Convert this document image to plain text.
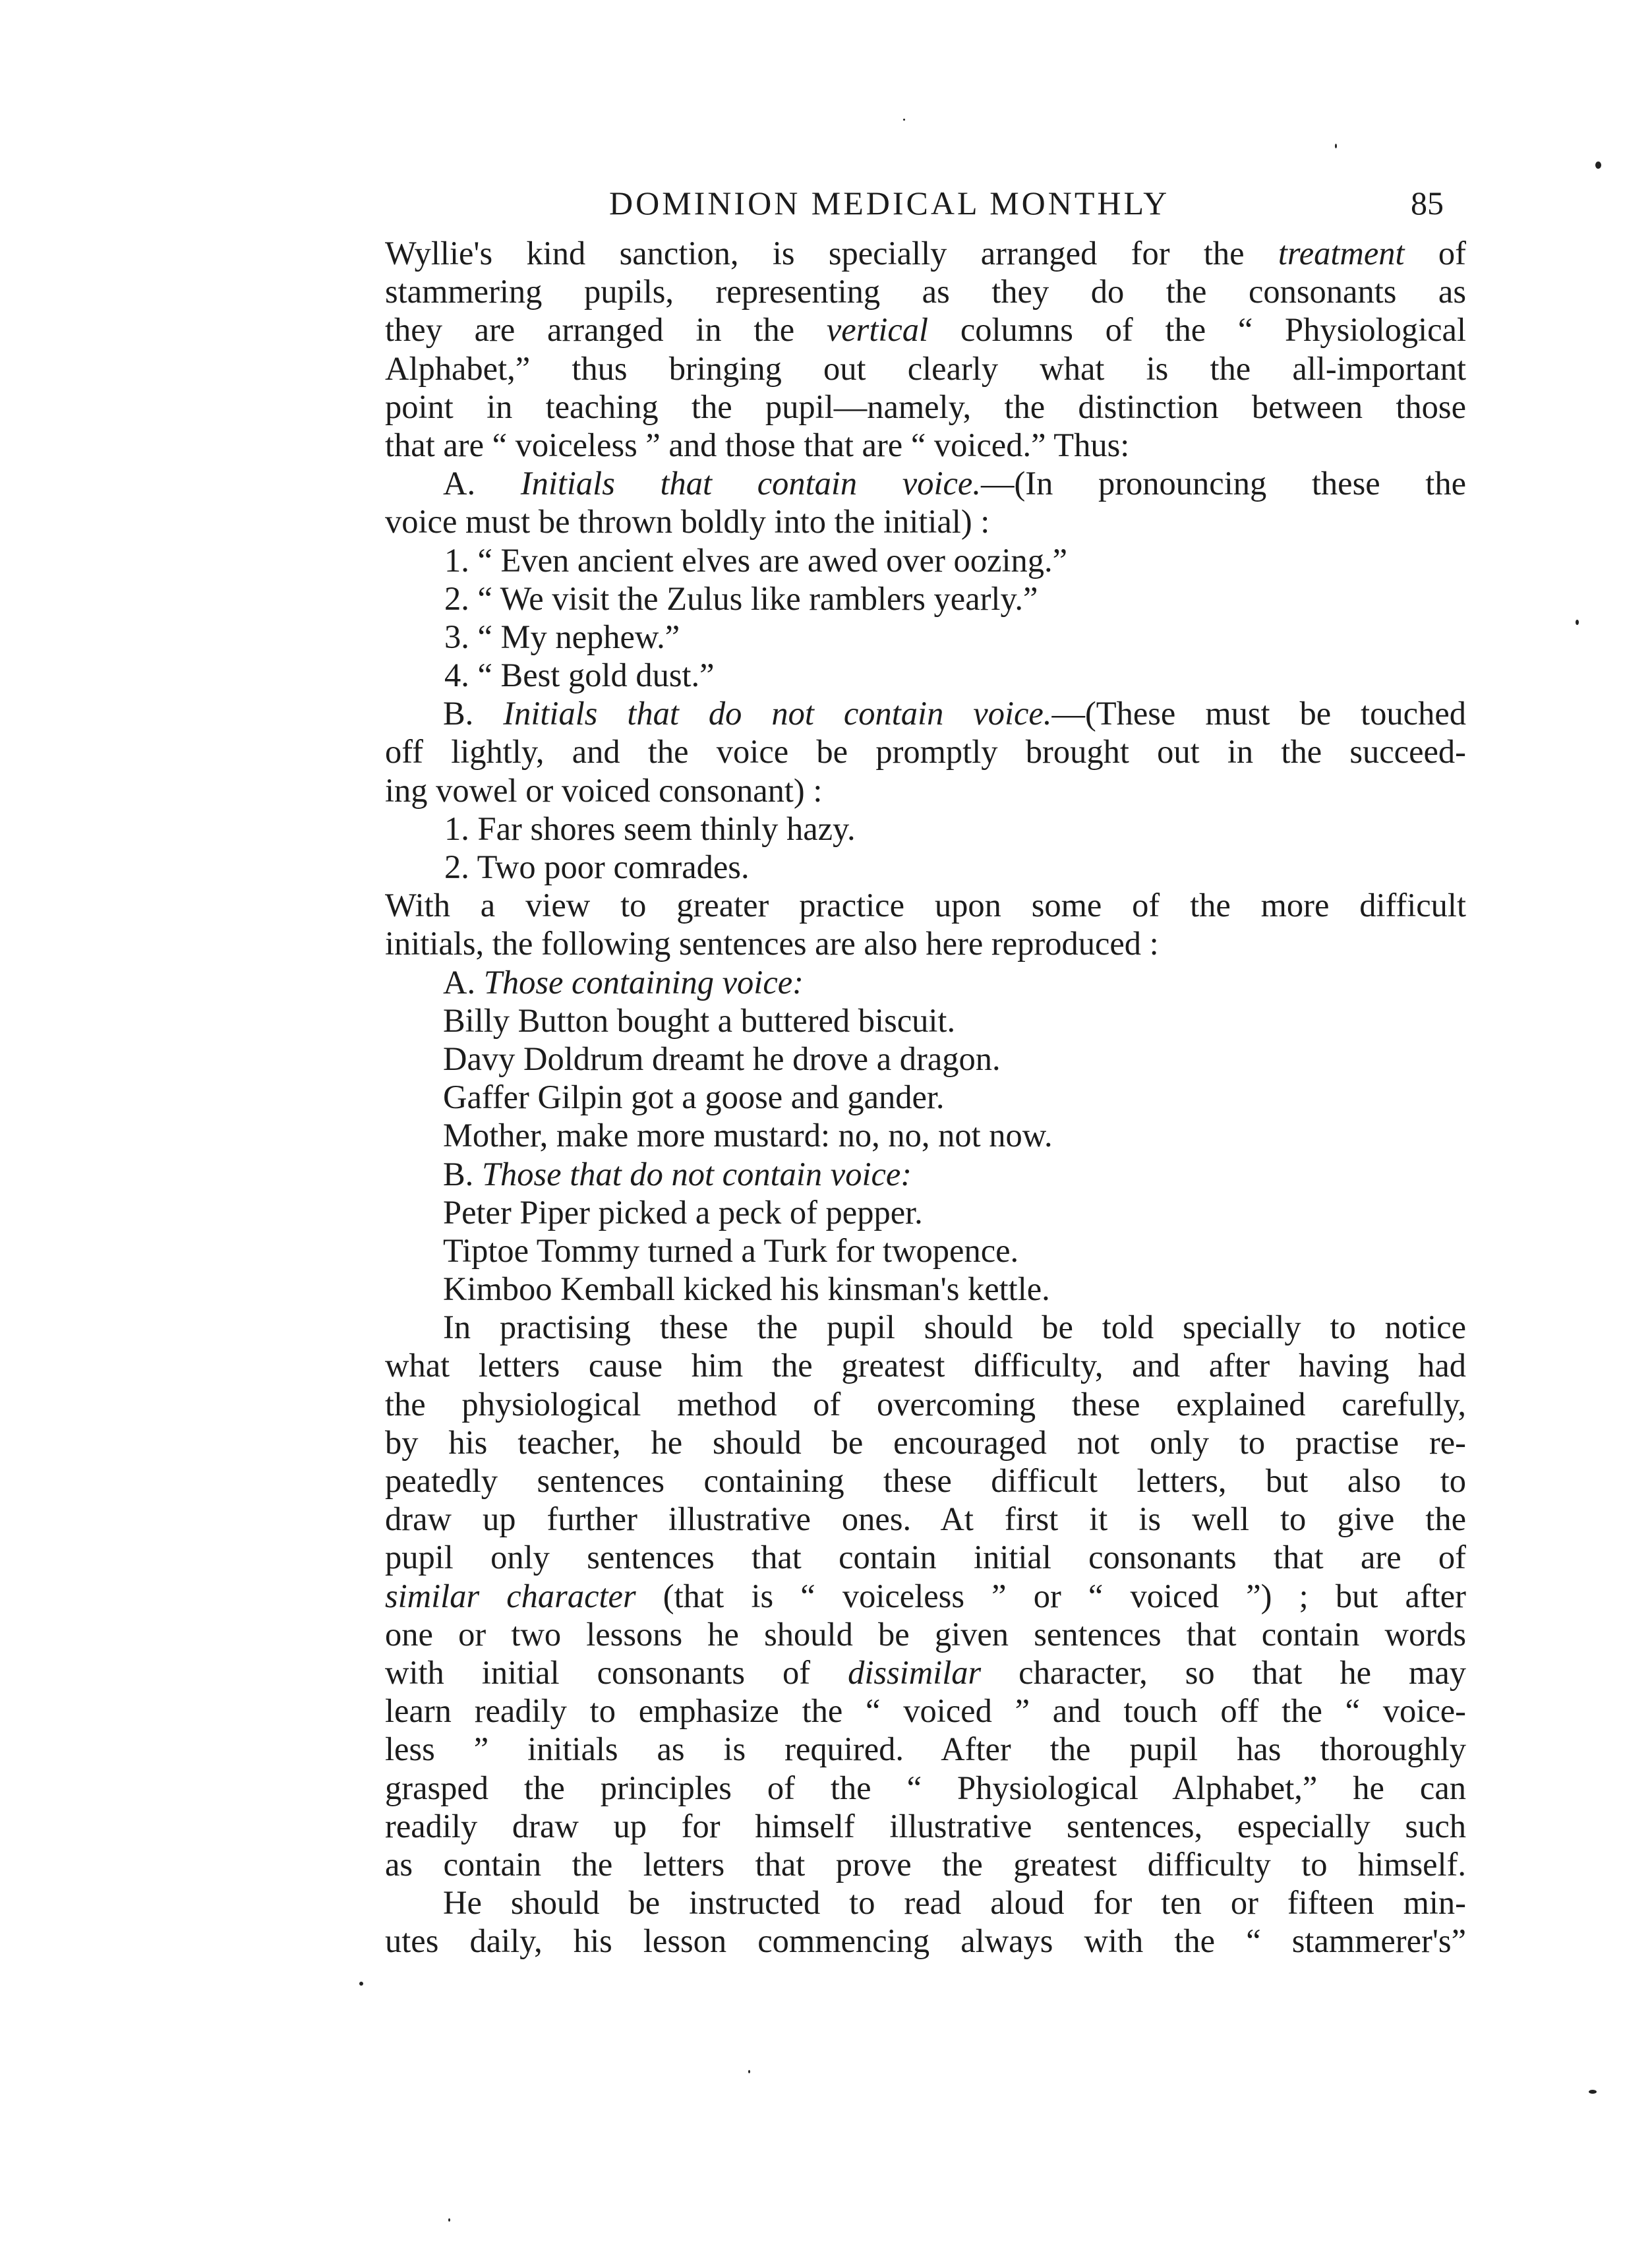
DOMINION MEDICAL MONTHLY	85
Wyllie's kind sanction, is specially arranged for the treatment of
stammering pupils, representing as they do the consonants as
they are arranged in the vertical columns of the “ Physiological
Alphabet,” thus bringing out clearly what is the all-important
point in teaching the pupil—namely, the distinction between those
that are “ voiceless ” and those that are “ voiced.” Thus:
A. Initials that contain voice.—(In pronouncing these the
voice must be thrown boldly into the initial) :
1. “ Even ancient elves are awed over oozing.”
2. “ We visit the Zulus like ramblers yearly.”
3. “ My nephew.”
4. “ Best gold dust.”
B. Initials that do not contain voice.—(These must be touched
off lightly, and the voice be promptly brought out in the succeed-
ing vowel or voiced consonant) :
1. Far shores seem thinly hazy.
2. Two poor comrades.
With a view to greater practice upon some of the more difficult
initials, the following sentences are also here reproduced :
A. Those containing voice:
Billy Button bought a buttered biscuit.
Davy Doldrum dreamt he drove a dragon.
Gaffer Gilpin got a goose and gander.
Mother, make more mustard: no, no, not now.
B. Those that do not contain voice:
Peter Piper picked a peck of pepper.
Tiptoe Tommy turned a Turk for twopence.
Kimboo Kemball kicked his kinsman's kettle.
In practising these the pupil should be told specially to notice
what letters cause him the greatest difficulty, and after having had
the physiological method of overcoming these explained carefully,
by his teacher, he should be encouraged not only to practise re-
peatedly sentences containing these difficult letters, but also to
draw up further illustrative ones. At first it is well to give the
pupil only sentences that contain initial consonants that are of
similar character (that is “ voiceless ” or “ voiced ”) ; but after
one or two lessons he should be given sentences that contain words
with initial consonants of dissimilar character, so that he may
learn readily to emphasize the “ voiced ” and touch off the “ voice-
less ” initials as is required. After the pupil has thoroughly
grasped the principles of the “ Physiological Alphabet,” he can
readily draw up for himself illustrative sentences, especially such
as contain the letters that prove the greatest difficulty to himself.
He should be instructed to read aloud for ten or fifteen min-
utes daily, his lesson commencing always with the “ stammerer's”
